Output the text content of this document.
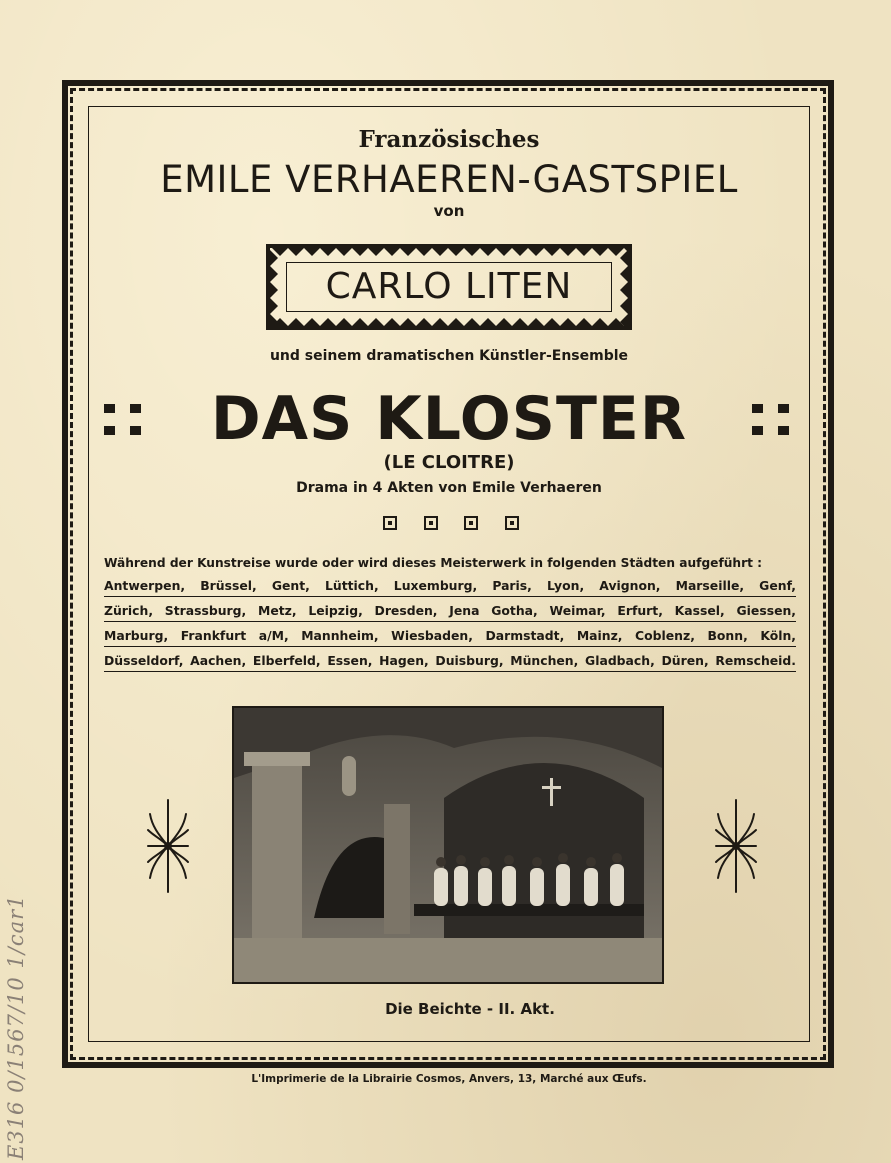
Französisches
EMILE VERHAEREN-GASTSPIEL
von
CARLO LITEN
und seinem dramatischen Künstler-Ensemble
DAS KLOSTER
(LE CLOITRE)
Drama in 4 Akten von Emile Verhaeren
Während der Kunstreise wurde oder wird dieses Meisterwerk in folgenden Städten aufgeführt :
Antwerpen, Brüssel, Gent, Lüttich, Luxemburg, Paris, Lyon, Avignon, Marseille, Genf,
Zürich, Strassburg, Metz, Leipzig, Dresden, Jena Gotha, Weimar, Erfurt, Kassel, Giessen,
Marburg, Frankfurt a/M, Mannheim, Wiesbaden, Darmstadt, Mainz, Coblenz, Bonn, Köln,
Düsseldorf, Aachen, Elberfeld, Essen, Hagen, Duisburg, München, Gladbach, Düren, Remscheid.
Die Beichte - II. Akt.
L'Imprimerie de la Librairie Cosmos, Anvers, 13, Marché aux Œufs.
E316 0/1567/10 1/car1
